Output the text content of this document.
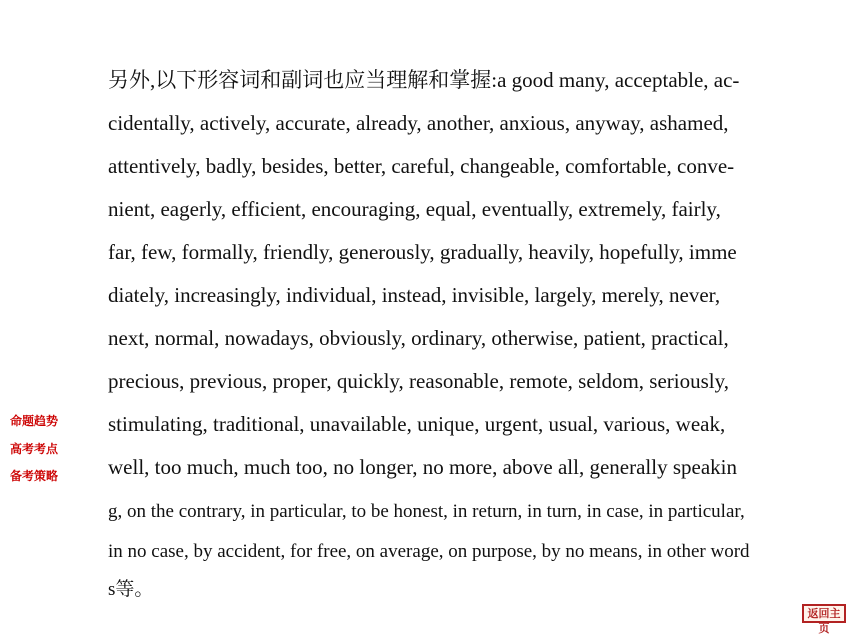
另外,以下形容词和副词也应当理解和掌握:a good many, acceptable, ac-
cidentally, actively, accurate, already, another, anxious, anyway, ashamed,
attentively, badly, besides, better, careful, changeable, comfortable, conve-
nient, eagerly, efficient, encouraging, equal, eventually, extremely, fairly,
far, few, formally, friendly, generously, gradually, heavily, hopefully, imme
diately, increasingly, individual, instead, invisible, largely, merely, never,
next, normal, nowadays, obviously, ordinary, otherwise, patient, practical,
precious, previous, proper, quickly, reasonable, remote, seldom, seriously,
stimulating, traditional, unavailable, unique, urgent, usual, various, weak,
well, too much, much too, no longer, no more, above all, generally speakin
g, on the contrary, in particular, to be honest, in return, in turn, in case, in particular,
in no case, by accident, for free, on average, on purpose, by no means, in other word
s等。
命题趋势
高考考点
备考策略
返回主页
